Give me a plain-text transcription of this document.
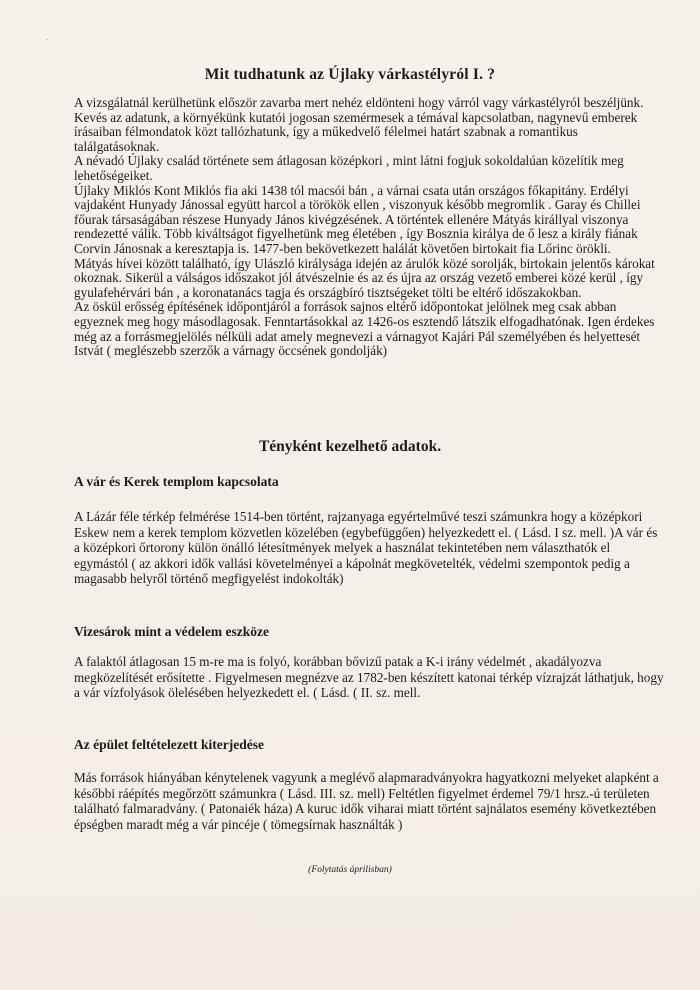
-
Mit tudhatunk az Újlaky várkastélyról I. ?

A vizsgálatnál kerülhetünk először zavarba mert nehéz eldönteni hogy várról vagy várkastélyról beszéljünk. Kevés az adatunk, a környékünk kutatói jogosan szemérmesek a témával kapcsolatban, nagynevű emberek írásaiban félmondatok közt tallózhatunk, így a műkedvelő félelmei határt szabnak a romantikus találgatásoknak.

A névadó Újlaky család története sem átlagosan középkori , mint látni fogjuk sokoldalúan közelítik meg lehetőségeiket.

Újlaky Miklós Kont Miklós fia aki 1438 tól macsói bán , a várnai csata után országos főkapitány. Erdélyi vajdaként Hunyady Jánossal együtt harcol a törökök ellen , viszonyuk később megromlik . Garay és Chillei főurak társaságában részese Hunyady János kivégzésének. A történtek ellenére Mátyás királlyal viszonya rendezetté válik. Több kiváltságot figyelhetünk meg életében , így Bosznia királya de ő lesz a király fiának Corvin Jánosnak a keresztapja is. 1477-ben bekövetkezett halálát követően birtokait fia Lőrinc örökli.

Mátyás hívei között található, így Ulászló királysága idején az árulók közé sorolják, birtokain jelentős károkat okoznak. Sikerül a válságos időszakot jól átvészelnie és az és újra az ország vezető emberei közé kerül , így gyulafehérvári bán , a koronatanács tagja és országbíró tisztségeket tölti be eltérő időszakokban.

Az öskül erősség építésének időpontjáról a források sajnos eltérő időpontokat jelölnek meg csak abban egyeznek meg hogy másodlagosak. Fenntartásokkal az 1426-os esztendő látszik elfogadhatónak. Igen érdekes még az a forrásmegjelölés nélküli adat amely megnevezi a várnagyot Kajári Pál személyében és helyettesét Istvát ( meglészebb szerzők a várnagy öccsének gondolják)

Tényként kezelhető adatok.
A vár és Kerek templom kapcsolata

A Lázár féle térkép felmérése 1514-ben történt, rajzanyaga egyértelművé teszi számunkra hogy a középkori Eskew nem a kerek templom közvetlen közelében (egybefüggően) helyezkedett el. ( Lásd. I sz. mell. )A vár és a középkori őrtorony külön önálló létesítmények melyek a használat tekintetében nem választhatók el egymástól ( az akkori idők vallási követelményei a kápolnát megkövetelték, védelmi szempontok pedig a magasabb helyről történő megfigyelést indokolták)

Vizesárok mint a védelem eszköze

A falaktól átlagosan 15 m-re ma is folyó, korábban bővizű patak a K-i irány védelmét , akadályozva megközelítését erősítette . Figyelmesen megnézve az 1782-ben készített katonai térkép vízrajzát láthatjuk, hogy a vár vízfolyások ölelésében helyezkedett el. ( Lásd. ( II. sz. mell.

Az épület feltételezett kiterjedése

Más források hiányában kénytelenek vagyunk a meglévő alapmaradványokra hagyatkozni melyeket alapként a későbbi ráépítés megőrzött számunkra ( Lásd. III. sz. mell) Feltétlen figyelmet érdemel 79/1 hrsz.-ú területen található falmaradvány. ( Patonaiék háza) A kuruc idők viharai miatt történt sajnálatos esemény következtében épségben maradt még a vár pincéje ( tömegsírnak használták )

(Folytatás áprilisban)
